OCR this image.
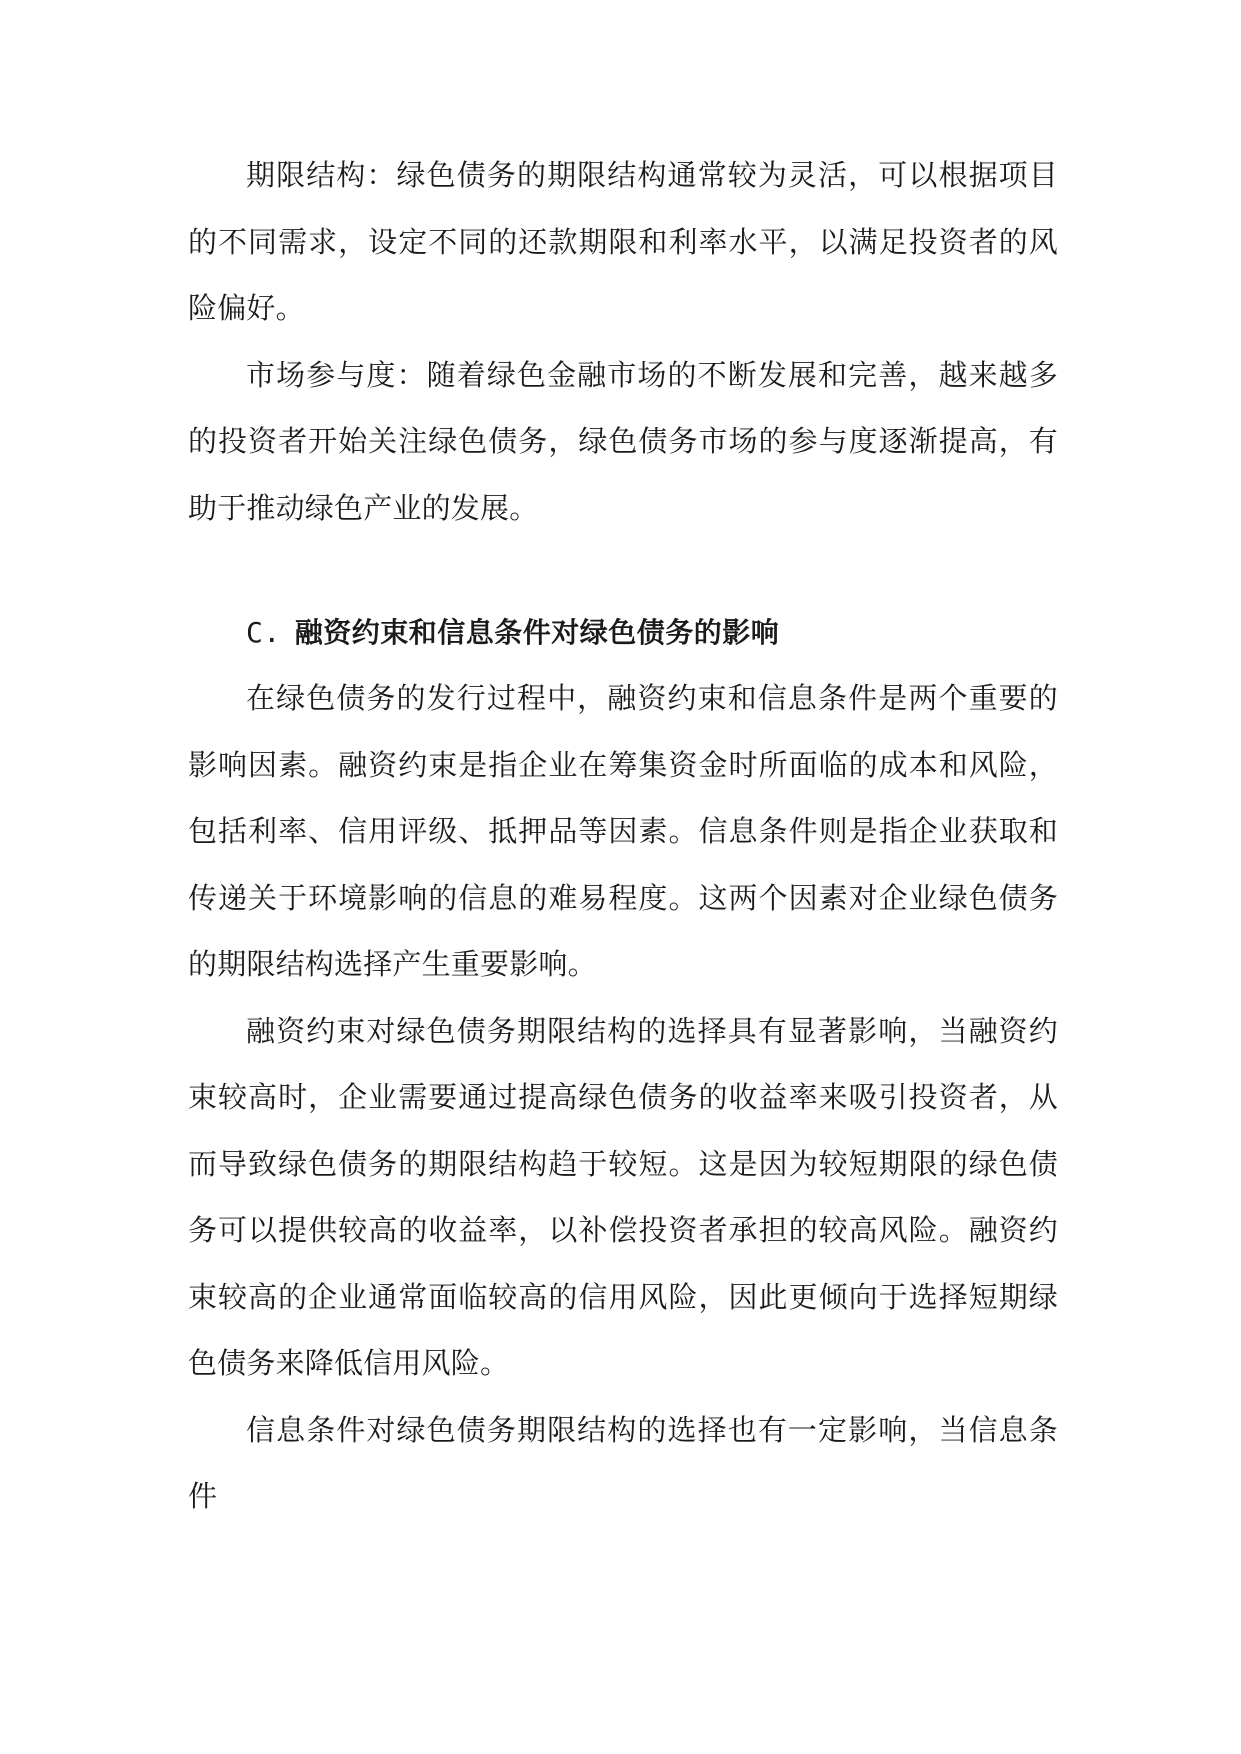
期限结构：绿色债务的期限结构通常较为灵活，可以根据项目的不同需求，设定不同的还款期限和利率水平，以满足投资者的风险偏好。

市场参与度：随着绿色金融市场的不断发展和完善，越来越多的投资者开始关注绿色债务，绿色债务市场的参与度逐渐提高，有助于推动绿色产业的发展。

C. 融资约束和信息条件对绿色债务的影响

在绿色债务的发行过程中，融资约束和信息条件是两个重要的影响因素。融资约束是指企业在筹集资金时所面临的成本和风险，包括利率、信用评级、抵押品等因素。信息条件则是指企业获取和传递关于环境影响的信息的难易程度。这两个因素对企业绿色债务的期限结构选择产生重要影响。

融资约束对绿色债务期限结构的选择具有显著影响，当融资约束较高时，企业需要通过提高绿色债务的收益率来吸引投资者，从而导致绿色债务的期限结构趋于较短。这是因为较短期限的绿色债务可以提供较高的收益率，以补偿投资者承担的较高风险。融资约束较高的企业通常面临较高的信用风险，因此更倾向于选择短期绿色债务来降低信用风险。

信息条件对绿色债务期限结构的选择也有一定影响，当信息条件
